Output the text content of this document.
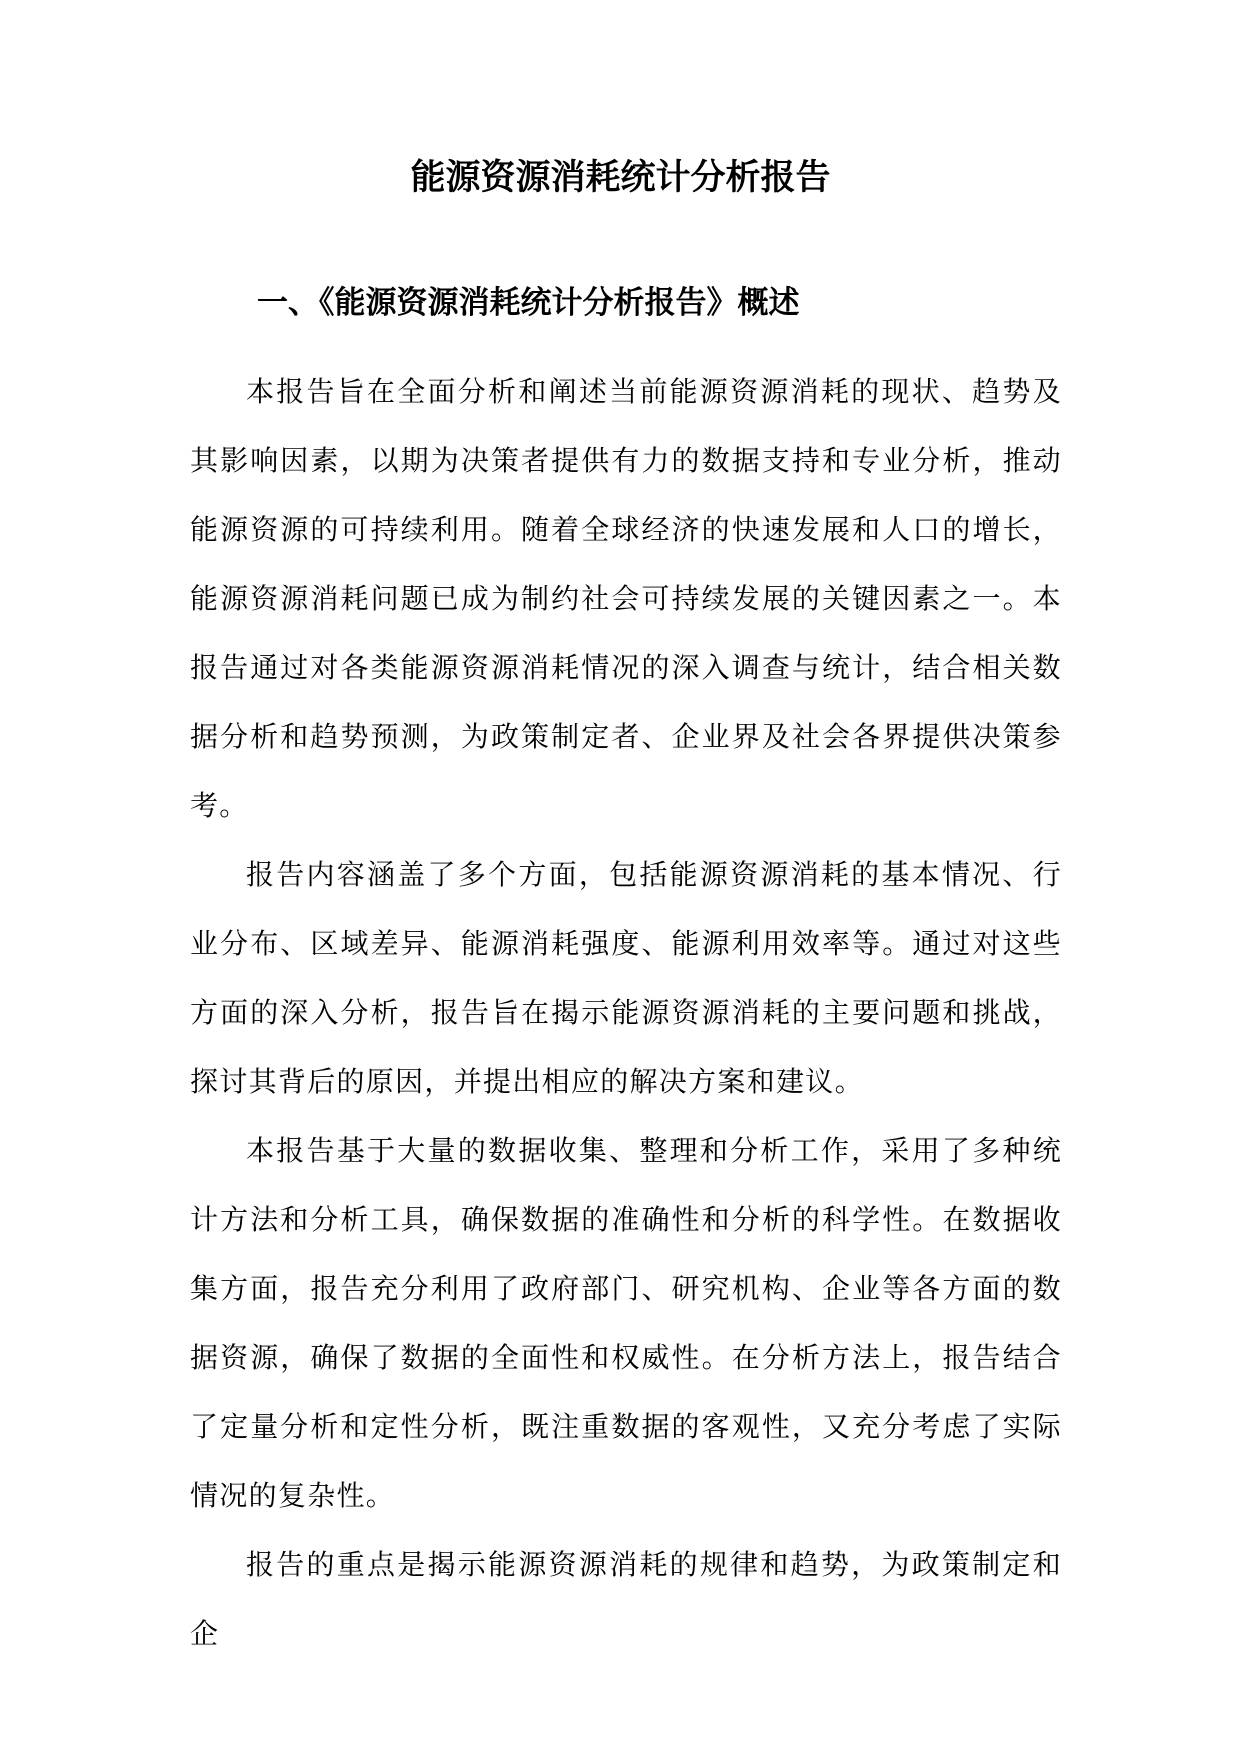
能源资源消耗统计分析报告
一、《能源资源消耗统计分析报告》概述

本报告旨在全面分析和阐述当前能源资源消耗的现状、趋势及其影响因素，以期为决策者提供有力的数据支持和专业分析，推动能源资源的可持续利用。随着全球经济的快速发展和人口的增长，能源资源消耗问题已成为制约社会可持续发展的关键因素之一。本报告通过对各类能源资源消耗情况的深入调查与统计，结合相关数据分析和趋势预测，为政策制定者、企业界及社会各界提供决策参考。

报告内容涵盖了多个方面，包括能源资源消耗的基本情况、行业分布、区域差异、能源消耗强度、能源利用效率等。通过对这些方面的深入分析，报告旨在揭示能源资源消耗的主要问题和挑战，探讨其背后的原因，并提出相应的解决方案和建议。

本报告基于大量的数据收集、整理和分析工作，采用了多种统计方法和分析工具，确保数据的准确性和分析的科学性。在数据收集方面，报告充分利用了政府部门、研究机构、企业等各方面的数据资源，确保了数据的全面性和权威性。在分析方法上，报告结合了定量分析和定性分析，既注重数据的客观性，又充分考虑了实际情况的复杂性。

报告的重点是揭示能源资源消耗的规律和趋势，为政策制定和企
